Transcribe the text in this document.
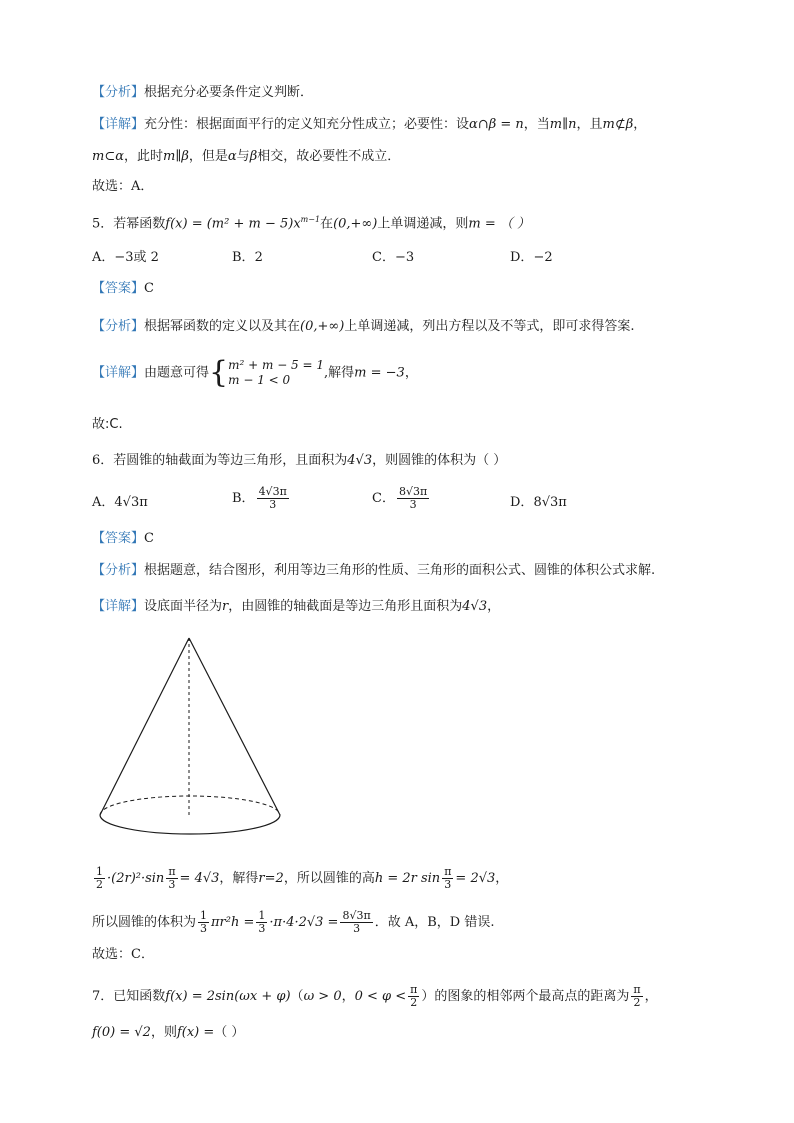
【分析】根据充分必要条件定义判断．
【详解】充分性：根据面面平行的定义知充分性成立；必要性：设α∩β = n，当m∥n，且m⊄β，
m⊂α，此时m∥β，但是α与β相交，故必要性不成立．
故选：A．
5．若幂函数$f(x) = (m^2 + m - 5)x^{m-1}$在(0,+∞)上单调递减，则m = （ ）
A．−3或 2	B．2	C．−3	D．−2
【答案】C
【分析】根据幂函数的定义以及其在(0,+∞)上单调递减，列出方程以及不等式，即可求得答案.
【详解】由题意可得{ m² + m − 5 = 1
m − 1 < 0	,解得m = −3，
故:C.
6．若圆锥的轴截面为等边三角形，且面积为4√3，则圆锥的体积为（ ）
A．4√3π	B． $\frac{4√3\pi}{3}$	C． $\frac{8√3\pi}{3}$	D．8√3π
【答案】C
【分析】根据题意，结合图形，利用等边三角形的性质、三角形的面积公式、圆锥的体积公式求解.
【详解】设底面半径为r，由圆锥的轴截面是等边三角形且面积为4√3，
$\frac{1}{2} \cdot(2r)^2\cdot\sin \frac{\pi}{3} = 4√3$，解得r=2，所以圆锥的高h = 2r $\sin \frac{\pi}{3} = 2√3$，
所以圆锥的体积为 $\frac{1}{3} \pi r^2h = \frac{1}{3} \cdot\pi\cdot 4\cdot 2√3 = \frac{8√3\pi}{3}$ ．故 A，B，D 错误.
故选：C．
7．已知函数f(x) = 2sin(ωx + φ)（ω > 0，$0 < \varphi < \frac{\pi}{2}$ ）的图象的相邻两个最高点的距离为 $\frac{\pi}{2}$ ，
f(0) = √2，则f(x) =（ ）
